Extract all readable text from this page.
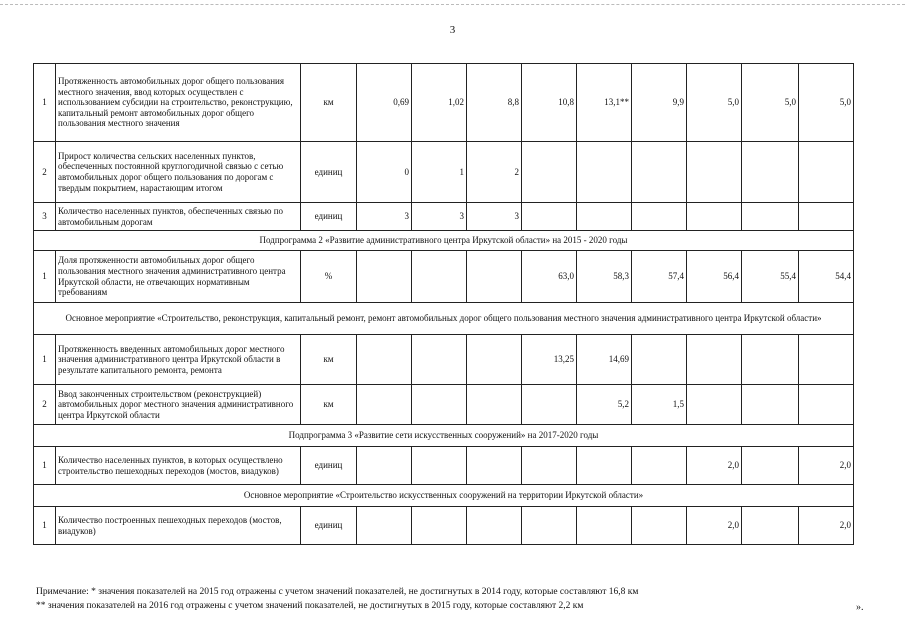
3
1	Протяженность автомобильных дорог общего пользования местного значения, ввод которых осуществлен с использованием субсидии на строительство, реконструкцию, капитальный ремонт автомобильных дорог общего пользования местного значения	км	0,69	1,02	8,8	10,8	13,1**	9,9	5,0	5,0	5,0
2	Прирост количества сельских населенных пунктов, обеспеченных постоянной круглогодичной связью с сетью автомобильных дорог общего пользования по дорогам с твердым покрытием, нарастающим итогом	единиц	0	1	2						
3	Количество населенных пунктов, обеспеченных связью по автомобильным дорогам	единиц	3	3	3						
Подпрограмма 2 «Развитие административного центра Иркутской области» на 2015 - 2020 годы											
1	Доля протяженности автомобильных дорог общего пользования местного значения административного центра Иркутской области, не отвечающих нормативным требованиям	%				63,0	58,3	57,4	56,4	55,4	54,4
Основное мероприятие «Строительство, реконструкция, капитальный ремонт, ремонт автомобильных дорог общего пользования местного значения административного центра Иркутской области»											
1	Протяженность введенных автомобильных дорог местного значения административного центра Иркутской области в результате капитального ремонта, ремонта	км				13,25	14,69				
2	Ввод законченных строительством (реконструкцией) автомобильных дорог местного значения административного центра Иркутской области	км					5,2	1,5			
Подпрограмма 3 «Развитие сети искусственных сооружений» на 2017-2020 годы											
1	Количество населенных пунктов, в которых осуществлено строительство пешеходных переходов (мостов, виадуков)	единиц							2,0		2,0
Основное мероприятие «Строительство искусственных сооружений на территории Иркутской области»											
1	Количество построенных пешеходных переходов (мостов, виадуков)	единиц							2,0		2,0
Примечание: * значения показателей на 2015 год отражены с учетом значений показателей, не достигнутых в 2014 году, которые составляют 16,8 км
** значения показателей на 2016 год отражены с учетом значений показателей, не достигнутых в 2015 году, которые составляют 2,2 км	».
